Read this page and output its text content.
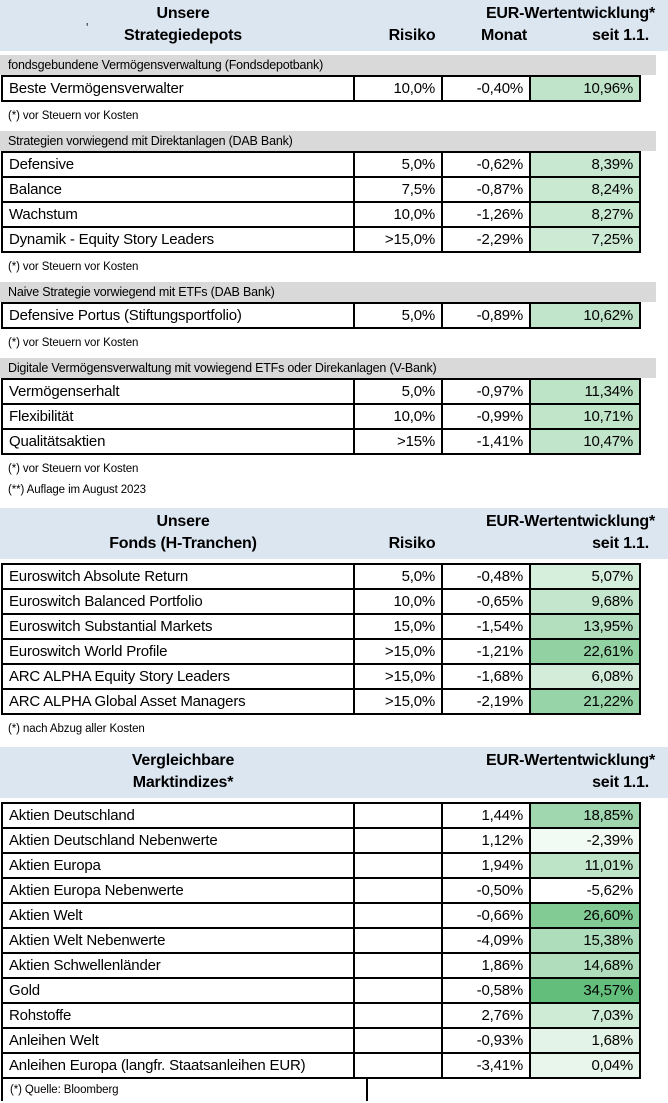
'
Unsere	EUR-Wertentwicklung*
Strategiedepots	Risiko	Monat	seit 1.1.
fondsgebundene Vermögensverwaltung (Fondsdepotbank)
Beste Vermögensverwalter	10,0%	-0,40%	10,96%
(*) vor Steuern vor Kosten
Strategien vorwiegend mit Direktanlagen (DAB Bank)
Defensive	5,0%	-0,62%	8,39%
Balance	7,5%	-0,87%	8,24%
Wachstum	10,0%	-1,26%	8,27%
Dynamik - Equity Story Leaders	>15,0%	-2,29%	7,25%
(*) vor Steuern vor Kosten
Naive Strategie vorwiegend mit ETFs (DAB Bank)
Defensive Portus (Stiftungsportfolio)	5,0%	-0,89%	10,62%
(*) vor Steuern vor Kosten
Digitale Vermögensverwaltung mit vowiegend ETFs oder Direkanlagen (V-Bank)
Vermögenserhalt	5,0%	-0,97%	11,34%
Flexibilität	10,0%	-0,99%	10,71%
Qualitätsaktien	>15%	-1,41%	10,47%
(*) vor Steuern vor Kosten
(**) Auflage im August 2023
Unsere	EUR-Wertentwicklung*
Fonds (H-Tranchen)	Risiko	seit 1.1.
Euroswitch Absolute Return	5,0%	-0,48%	5,07%
Euroswitch Balanced Portfolio	10,0%	-0,65%	9,68%
Euroswitch Substantial Markets	15,0%	-1,54%	13,95%
Euroswitch World Profile	>15,0%	-1,21%	22,61%
ARC ALPHA Equity Story Leaders	>15,0%	-1,68%	6,08%
ARC ALPHA Global Asset Managers	>15,0%	-2,19%	21,22%
(*) nach Abzug aller Kosten
Vergleichbare	EUR-Wertentwicklung*
Marktindizes*	seit 1.1.
Aktien Deutschland		1,44%	18,85%
Aktien Deutschland Nebenwerte		1,12%	-2,39%
Aktien Europa		1,94%	11,01%
Aktien Europa Nebenwerte		-0,50%	-5,62%
Aktien Welt		-0,66%	26,60%
Aktien Welt Nebenwerte		-4,09%	15,38%
Aktien Schwellenländer		1,86%	14,68%
Gold		-0,58%	34,57%
Rohstoffe		2,76%	7,03%
Anleihen Welt		-0,93%	1,68%
Anleihen Europa (langfr. Staatsanleihen EUR)		-3,41%	0,04%
(*) Quelle: Bloomberg
